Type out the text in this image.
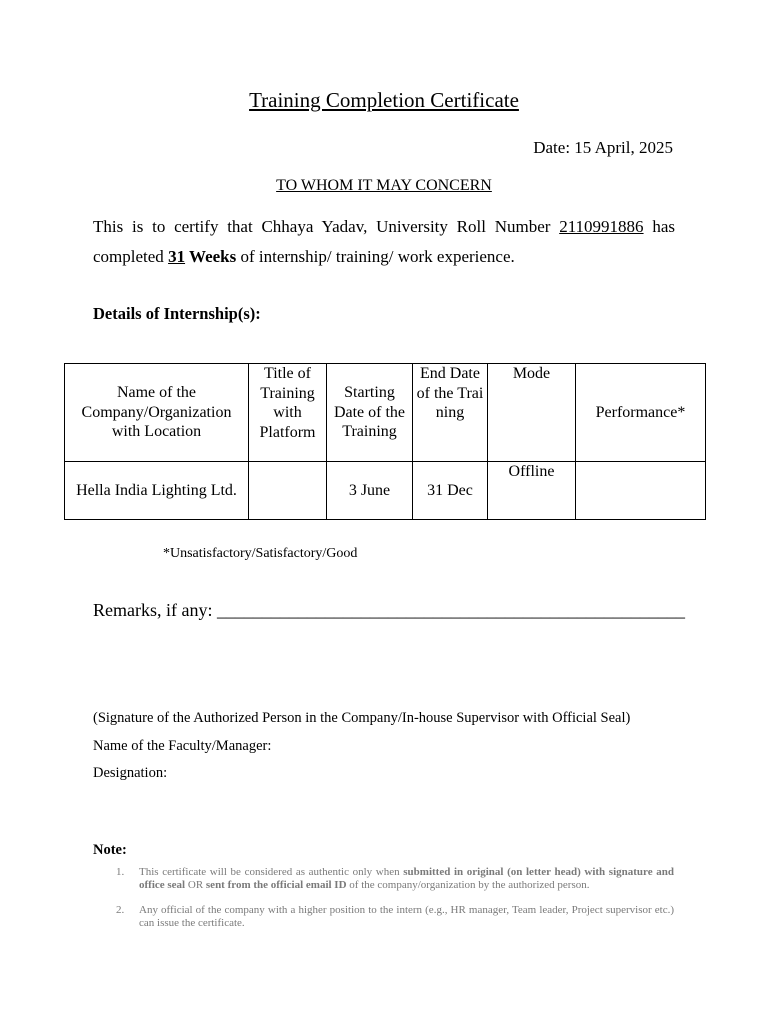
Training Completion Certificate
Date: 15 April, 2025
TO WHOM IT MAY CONCERN
This is to certify that Chhaya Yadav, University Roll Number 2110991886 has completed 31 Weeks of internship/ training/ work experience.
Details of Internship(s):
Name of the Company/Organization with Location	Title of Training with Platform	Starting Date of the Training	End Date of the Training	Mode	Performance*
Hella India Lighting Ltd.		3 June	31 Dec	Offline	
*Unsatisfactory/Satisfactory/Good
Remarks, if any: ____________________________________________________
(Signature of the Authorized Person in the Company/In-house Supervisor with Official Seal)
Name of the Faculty/Manager:
Designation:
Note:
1.	This certificate will be considered as authentic only when submitted in original (on letter head) with signature and office seal OR sent from the official email ID of the company/organization by the authorized person.
2.	Any official of the company with a higher position to the intern (e.g., HR manager, Team leader, Project supervisor etc.) can issue the certificate.
